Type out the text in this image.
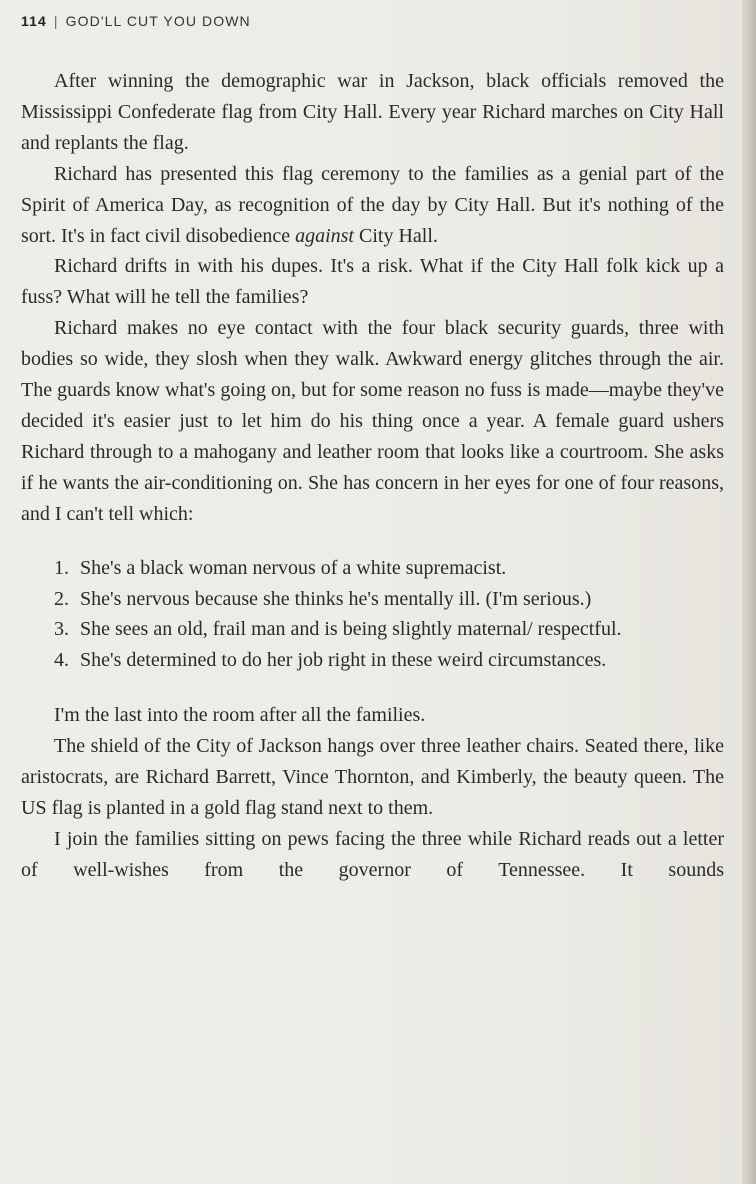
114 | GOD'LL CUT YOU DOWN

After winning the demographic war in Jackson, black officials removed the Mississippi Confederate flag from City Hall. Every year Richard marches on City Hall and replants the flag.

Richard has presented this flag ceremony to the families as a genial part of the Spirit of America Day, as recognition of the day by City Hall. But it's nothing of the sort. It's in fact civil disobedience against City Hall.

Richard drifts in with his dupes. It's a risk. What if the City Hall folk kick up a fuss? What will he tell the families?

Richard makes no eye contact with the four black security guards, three with bodies so wide, they slosh when they walk. Awkward energy glitches through the air. The guards know what's going on, but for some reason no fuss is made—maybe they've decided it's easier just to let him do his thing once a year. A female guard ushers Richard through to a mahogany and leather room that looks like a courtroom. She asks if he wants the air-conditioning on. She has concern in her eyes for one of four reasons, and I can't tell which:

1. She's a black woman nervous of a white supremacist.
2. She's nervous because she thinks he's mentally ill. (I'm serious.)
3. She sees an old, frail man and is being slightly maternal/ respectful.
4. She's determined to do her job right in these weird circumstances.

I'm the last into the room after all the families.

The shield of the City of Jackson hangs over three leather chairs. Seated there, like aristocrats, are Richard Barrett, Vince Thornton, and Kimberly, the beauty queen. The US flag is planted in a gold flag stand next to them.

I join the families sitting on pews facing the three while Richard reads out a letter of well-wishes from the governor of Tennessee. It sounds
